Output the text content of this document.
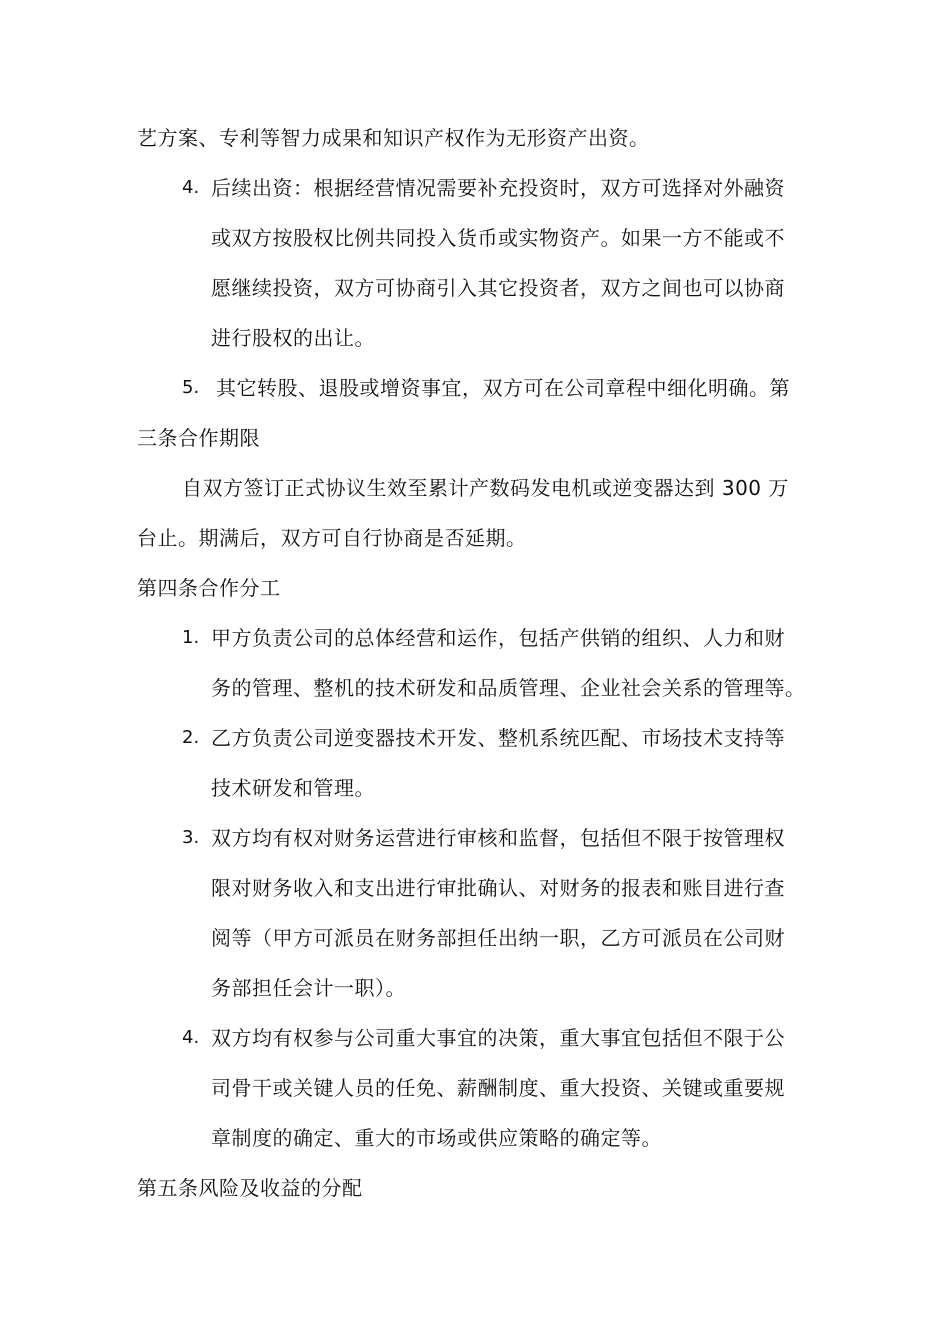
艺方案、专利等智力成果和知识产权作为无形资产出资。
4. 后续出资：根据经营情况需要补充投资时，双方可选择对外融资
或双方按股权比例共同投入货币或实物资产。如果一方不能或不
愿继续投资，双方可协商引入其它投资者，双方之间也可以协商
进行股权的出让。
5. 其它转股、退股或增资事宜，双方可在公司章程中细化明确。第
三条合作期限
自双方签订正式协议生效至累计产数码发电机或逆变器达到 300 万
台止。期满后，双方可自行协商是否延期。
第四条合作分工
1. 甲方负责公司的总体经营和运作，包括产供销的组织、人力和财
务的管理、整机的技术研发和品质管理、企业社会关系的管理等。
2. 乙方负责公司逆变器技术开发、整机系统匹配、市场技术支持等
技术研发和管理。
3. 双方均有权对财务运营进行审核和监督，包括但不限于按管理权
限对财务收入和支出进行审批确认、对财务的报表和账目进行查
阅等（甲方可派员在财务部担任出纳一职，乙方可派员在公司财
务部担任会计一职）。
4. 双方均有权参与公司重大事宜的决策，重大事宜包括但不限于公
司骨干或关键人员的任免、薪酬制度、重大投资、关键或重要规
章制度的确定、重大的市场或供应策略的确定等。
第五条风险及收益的分配
